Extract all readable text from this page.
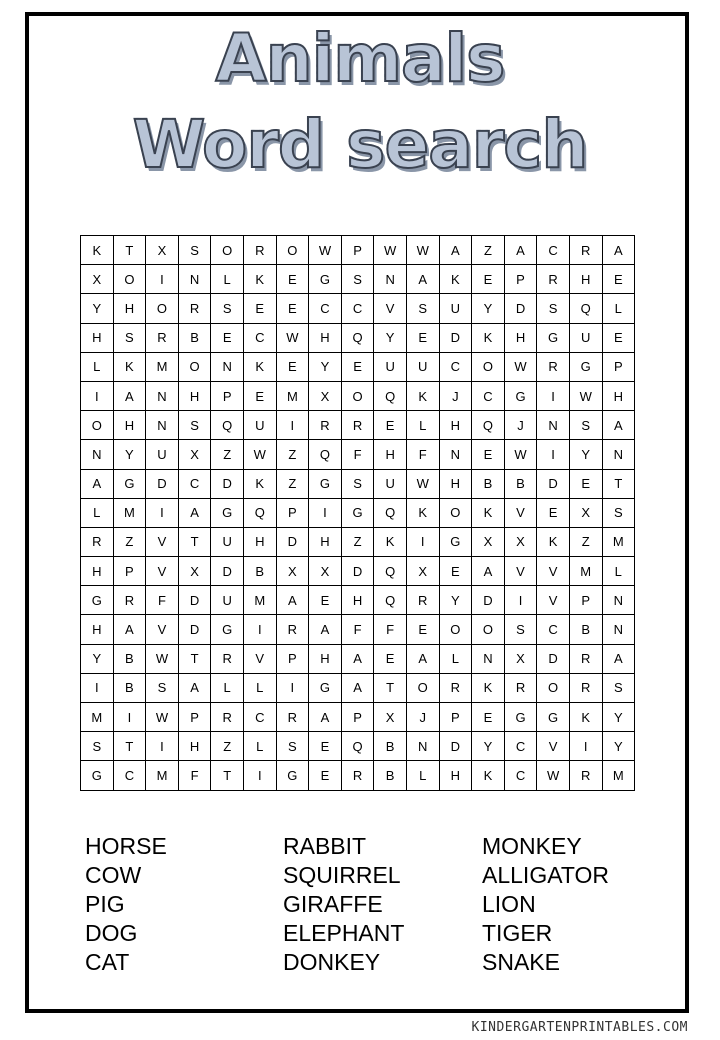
Animals
Word search
K	T	X	S	O	R	O	W	P	W	W	A	Z	A	C	R	A
X	O	I	N	L	K	E	G	S	N	A	K	E	P	R	H	E
Y	H	O	R	S	E	E	C	C	V	S	U	Y	D	S	Q	L
H	S	R	B	E	C	W	H	Q	Y	E	D	K	H	G	U	E
L	K	M	O	N	K	E	Y	E	U	U	C	O	W	R	G	P
I	A	N	H	P	E	M	X	O	Q	K	J	C	G	I	W	H
O	H	N	S	Q	U	I	R	R	E	L	H	Q	J	N	S	A
N	Y	U	X	Z	W	Z	Q	F	H	F	N	E	W	I	Y	N
A	G	D	C	D	K	Z	G	S	U	W	H	B	B	D	E	T
L	M	I	A	G	Q	P	I	G	Q	K	O	K	V	E	X	S
R	Z	V	T	U	H	D	H	Z	K	I	G	X	X	K	Z	M
H	P	V	X	D	B	X	X	D	Q	X	E	A	V	V	M	L
G	R	F	D	U	M	A	E	H	Q	R	Y	D	I	V	P	N
H	A	V	D	G	I	R	A	F	F	E	O	O	S	C	B	N
Y	B	W	T	R	V	P	H	A	E	A	L	N	X	D	R	A
I	B	S	A	L	L	I	G	A	T	O	R	K	R	O	R	S
M	I	W	P	R	C	R	A	P	X	J	P	E	G	G	K	Y
S	T	I	H	Z	L	S	E	Q	B	N	D	Y	C	V	I	Y
G	C	M	F	T	I	G	E	R	B	L	H	K	C	W	R	M
HORSE
COW
PIG
DOG
CAT
RABBIT
SQUIRREL
GIRAFFE
ELEPHANT
DONKEY
MONKEY
ALLIGATOR
LION
TIGER
SNAKE
KINDERGARTENPRINTABLES.COM
